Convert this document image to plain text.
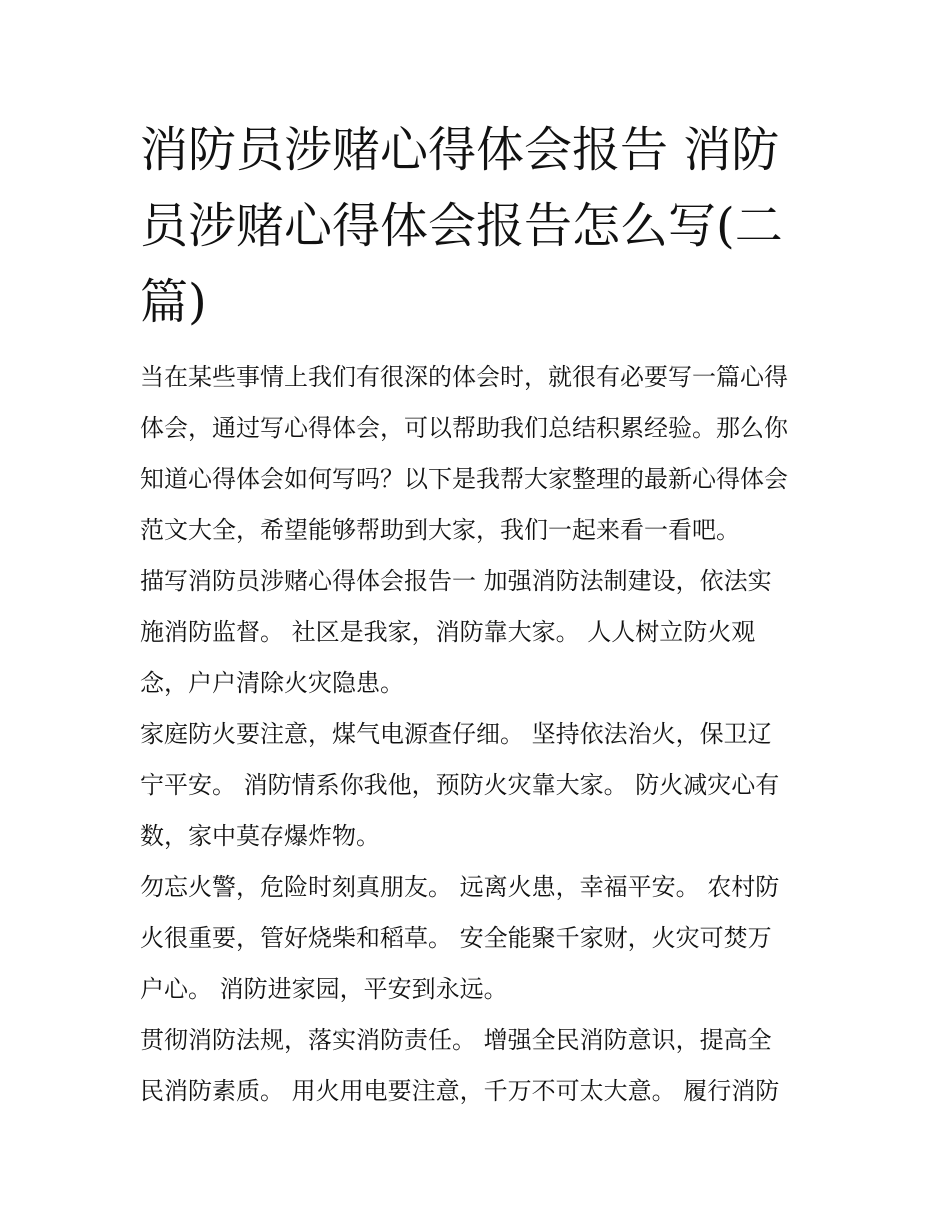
消防员涉赌心得体会报告 消防
员涉赌心得体会报告怎么写(二
篇)
当在某些事情上我们有很深的体会时，就很有必要写一篇心得
体会，通过写心得体会，可以帮助我们总结积累经验。那么你
知道心得体会如何写吗？以下是我帮大家整理的最新心得体会
范文大全，希望能够帮助到大家，我们一起来看一看吧。
描写消防员涉赌心得体会报告一 加强消防法制建设，依法实
施消防监督。 社区是我家，消防靠大家。 人人树立防火观
念，户户清除火灾隐患。
家庭防火要注意，煤气电源查仔细。 坚持依法治火，保卫辽
宁平安。 消防情系你我他，预防火灾靠大家。 防火减灾心有
数，家中莫存爆炸物。
勿忘火警，危险时刻真朋友。 远离火患，幸福平安。 农村防
火很重要，管好烧柴和稻草。 安全能聚千家财，火灾可焚万
户心。 消防进家园，平安到永远。
贯彻消防法规，落实消防责任。 增强全民消防意识，提高全
民消防素质。 用火用电要注意，千万不可太大意。 履行消防
